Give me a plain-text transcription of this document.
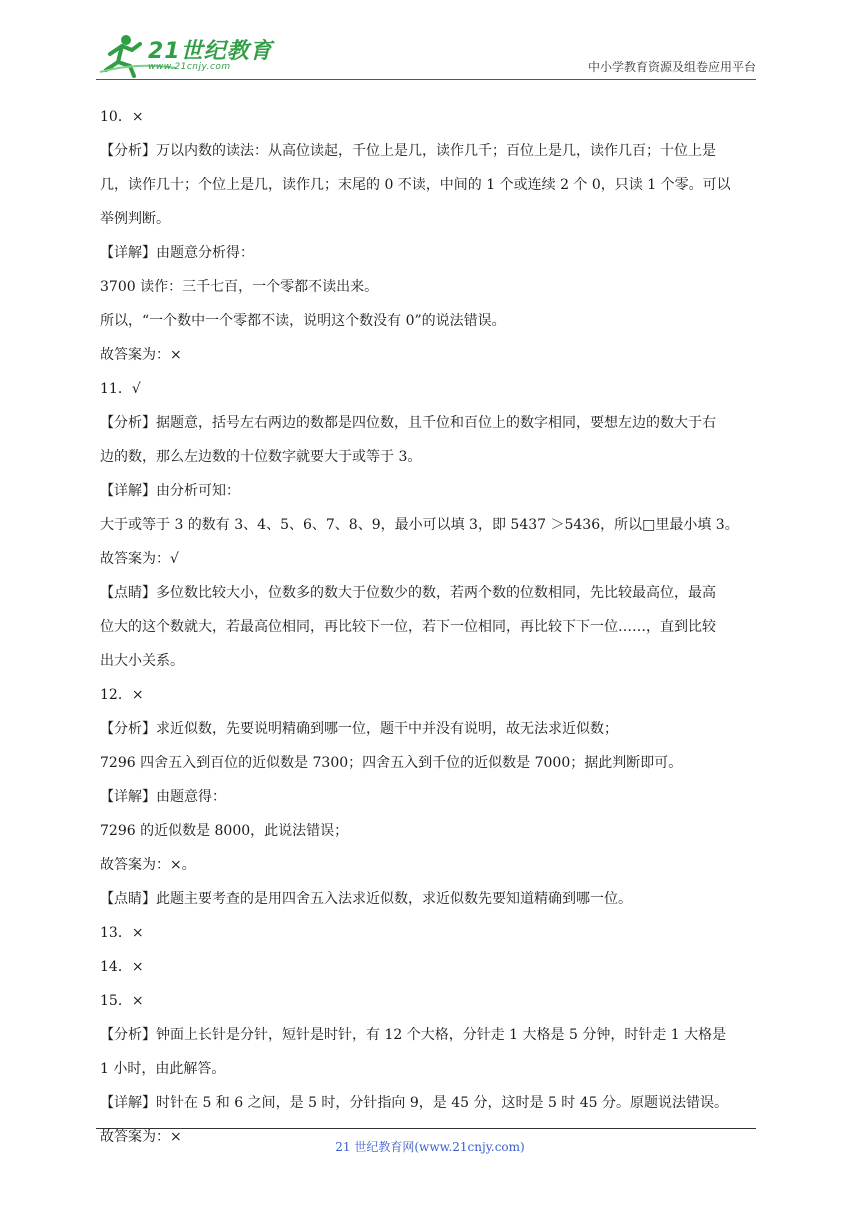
21世纪教育
www.21cnjy.com	中小学教育资源及组卷应用平台
10．×
【分析】万以内数的读法：从高位读起，千位上是几，读作几千；百位上是几，读作几百；十位上是
几，读作几十；个位上是几，读作几；末尾的 0 不读，中间的 1 个或连续 2 个 0，只读 1 个零。可以
举例判断。
【详解】由题意分析得：
3700 读作：三千七百，一个零都不读出来。
所以，“一个数中一个零都不读，说明这个数没有 0”的说法错误。
故答案为：×
11．√
【分析】据题意，括号左右两边的数都是四位数，且千位和百位上的数字相同，要想左边的数大于右
边的数，那么左边数的十位数字就要大于或等于 3。
【详解】由分析可知：
大于或等于 3 的数有 3、4、5、6、7、8、9，最小可以填 3，即 5437 ＞5436，所以□里最小填 3。
故答案为：√
【点睛】多位数比较大小，位数多的数大于位数少的数，若两个数的位数相同，先比较最高位，最高
位大的这个数就大，若最高位相同，再比较下一位，若下一位相同，再比较下下一位……，直到比较
出大小关系。
12．×
【分析】求近似数，先要说明精确到哪一位，题干中并没有说明，故无法求近似数；
7296 四舍五入到百位的近似数是 7300；四舍五入到千位的近似数是 7000；据此判断即可。
【详解】由题意得：
7296 的近似数是 8000，此说法错误；
故答案为：×。
【点睛】此题主要考查的是用四舍五入法求近似数，求近似数先要知道精确到哪一位。
13．×
14．×
15．×
【分析】钟面上长针是分针，短针是时针，有 12 个大格，分针走 1 大格是 5 分钟，时针走 1 大格是
1 小时，由此解答。
【详解】时针在 5 和 6 之间，是 5 时，分针指向 9，是 45 分，这时是 5 时 45 分。原题说法错误。
故答案为：×
21 世纪教育网(www.21cnjy.com)
